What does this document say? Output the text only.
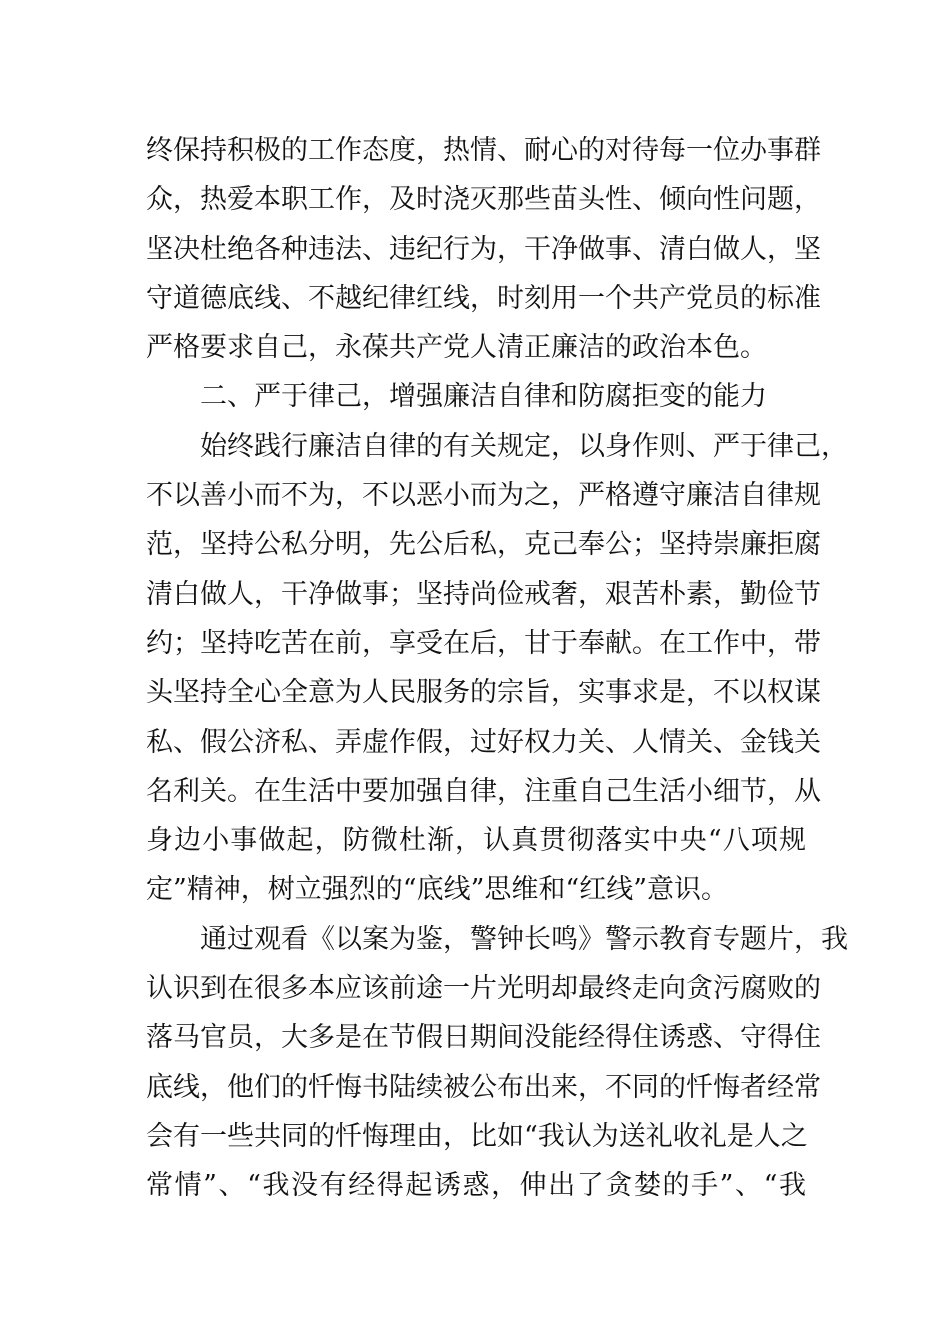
终保持积极的工作态度，热情、耐心的对待每一位办事群
众，热爱本职工作，及时浇灭那些苗头性、倾向性问题，
坚决杜绝各种违法、违纪行为，干净做事、清白做人，坚
守道德底线、不越纪律红线，时刻用一个共产党员的标准
严格要求自己，永葆共产党人清正廉洁的政治本色。
二、严于律己，增强廉洁自律和防腐拒变的能力
始终践行廉洁自律的有关规定，以身作则、严于律己，
不以善小而不为，不以恶小而为之，严格遵守廉洁自律规
范，坚持公私分明，先公后私，克己奉公；坚持崇廉拒腐
清白做人，干净做事；坚持尚俭戒奢，艰苦朴素，勤俭节
约；坚持吃苦在前，享受在后，甘于奉献。在工作中，带
头坚持全心全意为人民服务的宗旨，实事求是，不以权谋
私、假公济私、弄虚作假，过好权力关、人情关、金钱关
名利关。在生活中要加强自律，注重自己生活小细节，从
身边小事做起，防微杜渐，认真贯彻落实中央“八项规
定”精神，树立强烈的“底线”思维和“红线”意识。
通过观看《以案为鉴，警钟长鸣》警示教育专题片，我
认识到在很多本应该前途一片光明却最终走向贪污腐败的
落马官员，大多是在节假日期间没能经得住诱惑、守得住
底线，他们的忏悔书陆续被公布出来，不同的忏悔者经常
会有一些共同的忏悔理由，比如“我认为送礼收礼是人之
常情”、“我没有经得起诱惑，伸出了贪婪的手”、“我
